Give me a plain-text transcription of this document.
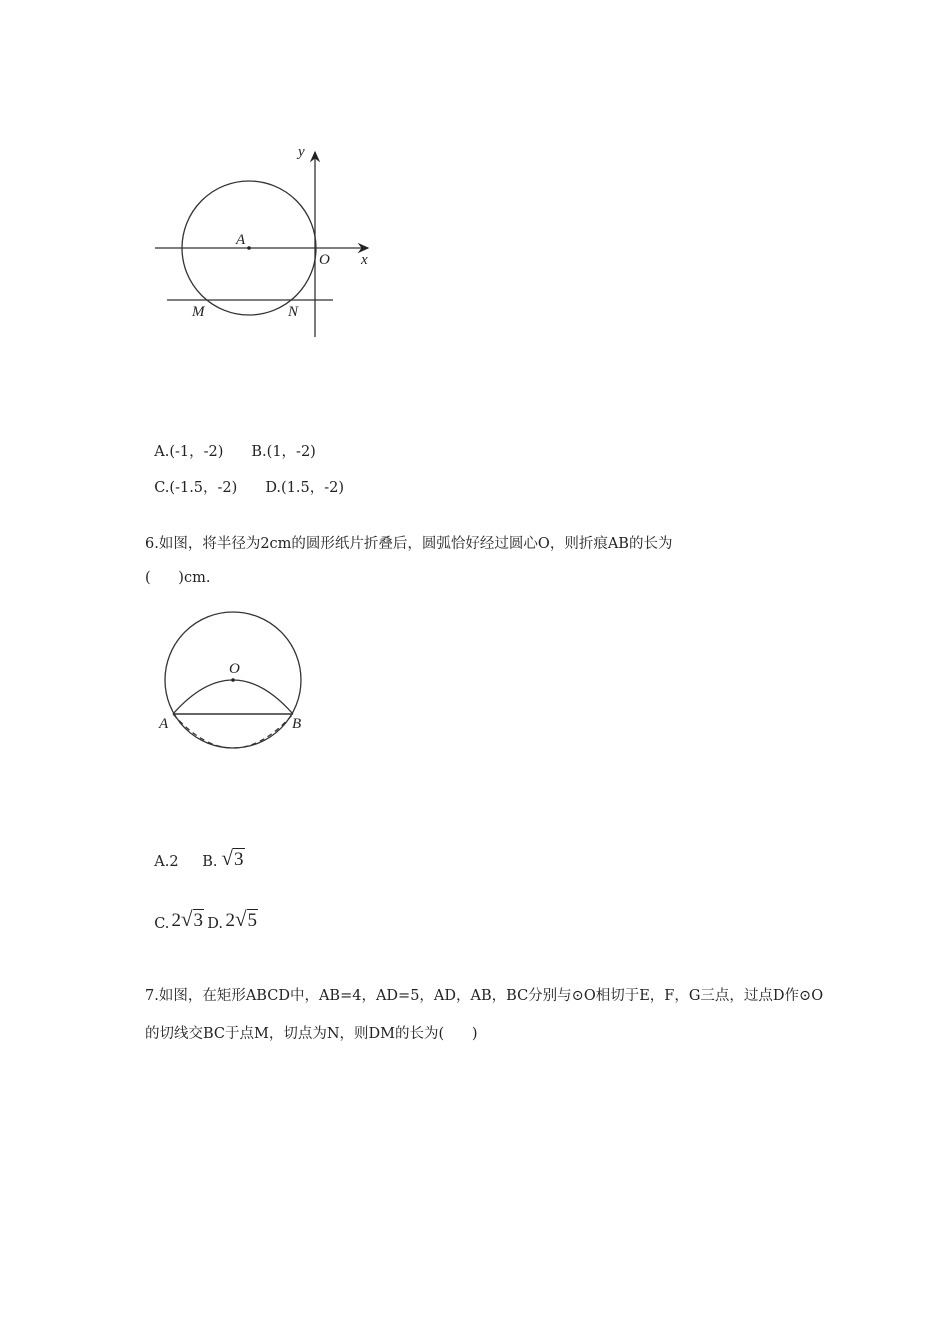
y
x
A
O
M	N

A.(-1，-2) B.(1，-2)

C.(-1.5，-2) D.(1.5，-2)

6.如图，将半径为2cm的圆形纸片折叠后，圆弧恰好经过圆心O，则折痕AB的长为
(      )cm.
O
A	B

A.2	B. √3

C. 2√3 D. 2√5

7.如图，在矩形ABCD中，AB=4，AD=5，AD，AB，BC分别与⊙O相切于E，F，G三点，过点D作⊙O
的切线交BC于点M，切点为N，则DM的长为(      )
